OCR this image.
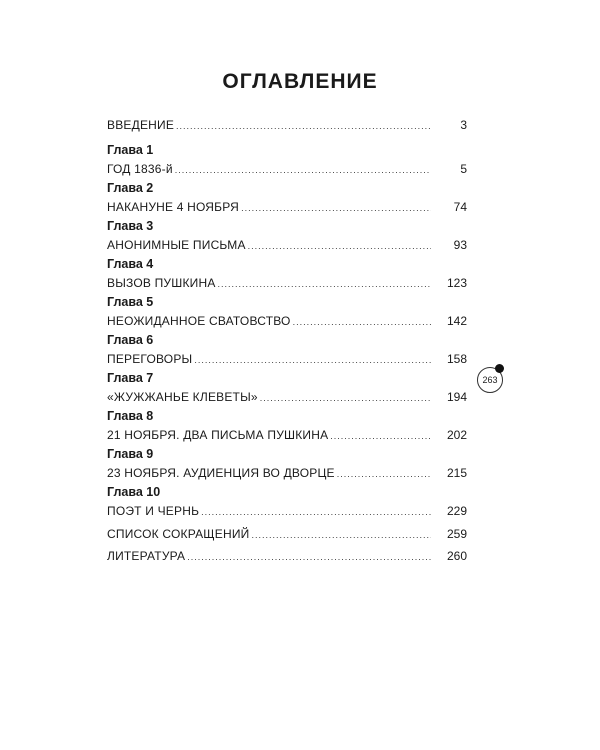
ОГЛАВЛЕНИЕ
ВВЕДЕНИЕ .....	3
Глава 1
ГОД 1836-й .....	5
Глава 2
НАКАНУНЕ 4 НОЯБРЯ .....	74
Глава 3
АНОНИМНЫЕ ПИСЬМА .....	93
Глава 4
ВЫЗОВ ПУШКИНА .....	123
Глава 5
НЕОЖИДАННОЕ СВАТОВСТВО .....	142
Глава 6
ПЕРЕГОВОРЫ .....	158
Глава 7
«ЖУЖЖАНЬЕ КЛЕВЕТЫ» .....	194
Глава 8
21 НОЯБРЯ. ДВА ПИСЬМА ПУШКИНА .....	202
Глава 9
23 НОЯБРЯ. АУДИЕНЦИЯ ВО ДВОРЦЕ .....	215
Глава 10
ПОЭТ И ЧЕРНЬ .....	229
СПИСОК СОКРАЩЕНИЙ .....	259
ЛИТЕРАТУРА .....	260
263
